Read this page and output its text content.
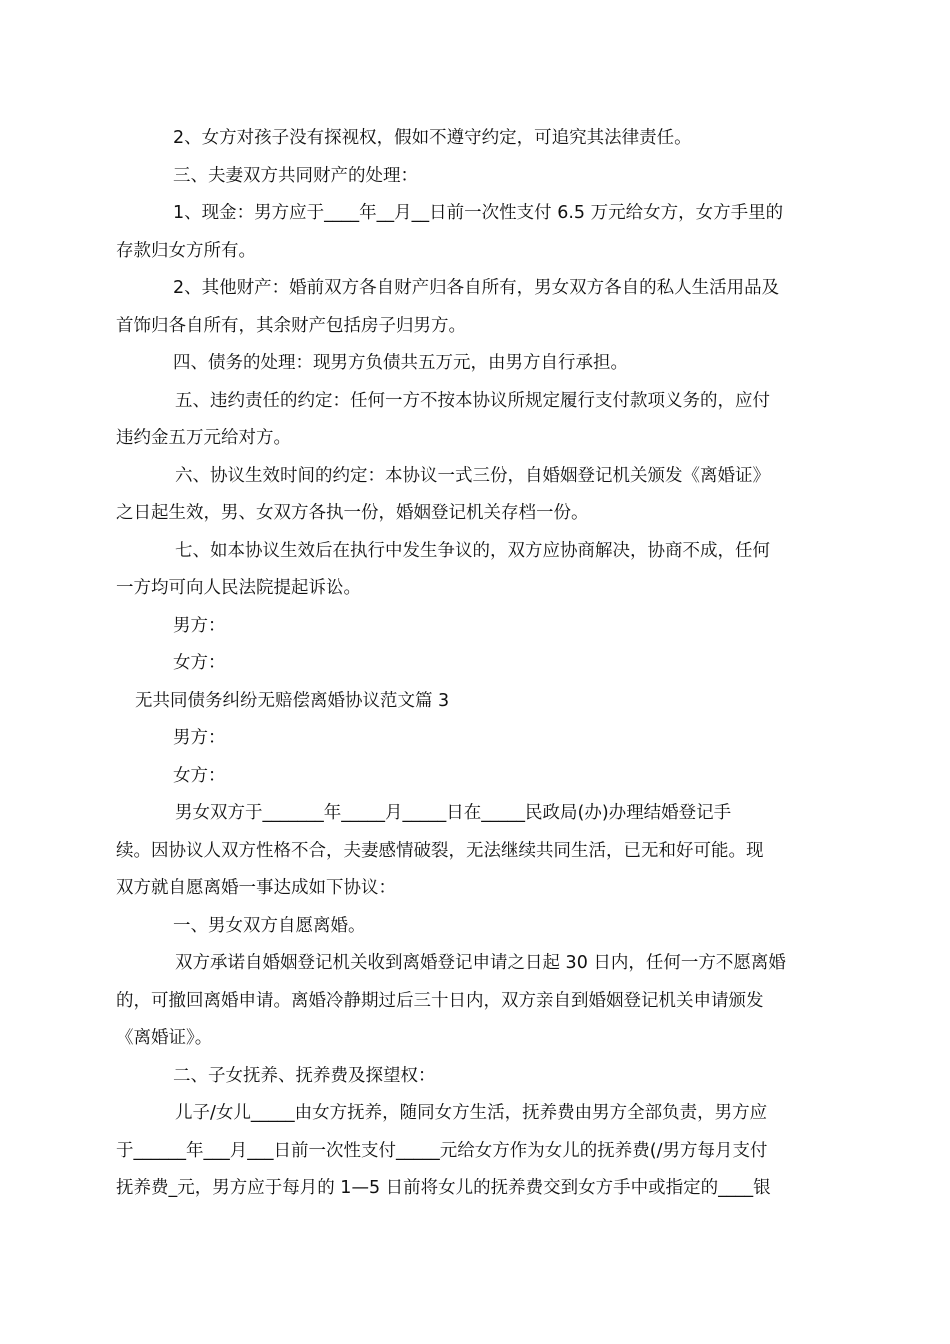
2、女方对孩子没有探视权，假如不遵守约定，可追究其法律责任。
三、夫妻双方共同财产的处理：
1、现金：男方应于____年__月__日前一次性支付 6.5 万元给女方，女方手里的
存款归女方所有。
2、其他财产：婚前双方各自财产归各自所有，男女双方各自的私人生活用品及
首饰归各自所有，其余财产包括房子归男方。
四、债务的处理：现男方负债共五万元，由男方自行承担。
五、违约责任的约定：任何一方不按本协议所规定履行支付款项义务的，应付
违约金五万元给对方。
六、协议生效时间的约定：本协议一式三份，自婚姻登记机关颁发《离婚证》
之日起生效，男、女双方各执一份，婚姻登记机关存档一份。
七、如本协议生效后在执行中发生争议的，双方应协商解决，协商不成，任何
一方均可向人民法院提起诉讼。
男方：
女方：
无共同债务纠纷无赔偿离婚协议范文篇 3
男方：
女方：
男女双方于_______年_____月_____日在_____民政局(办)办理结婚登记手
续。因协议人双方性格不合，夫妻感情破裂，无法继续共同生活，已无和好可能。现
双方就自愿离婚一事达成如下协议：
一、男女双方自愿离婚。
双方承诺自婚姻登记机关收到离婚登记申请之日起 30 日内，任何一方不愿离婚
的，可撤回离婚申请。离婚冷静期过后三十日内，双方亲自到婚姻登记机关申请颁发
《离婚证》。
二、子女抚养、抚养费及探望权：
儿子/女儿_____由女方抚养，随同女方生活，抚养费由男方全部负责，男方应
于______年___月___日前一次性支付_____元给女方作为女儿的抚养费(/男方每月支付
抚养费_元，男方应于每月的 1—5 日前将女儿的抚养费交到女方手中或指定的____银
